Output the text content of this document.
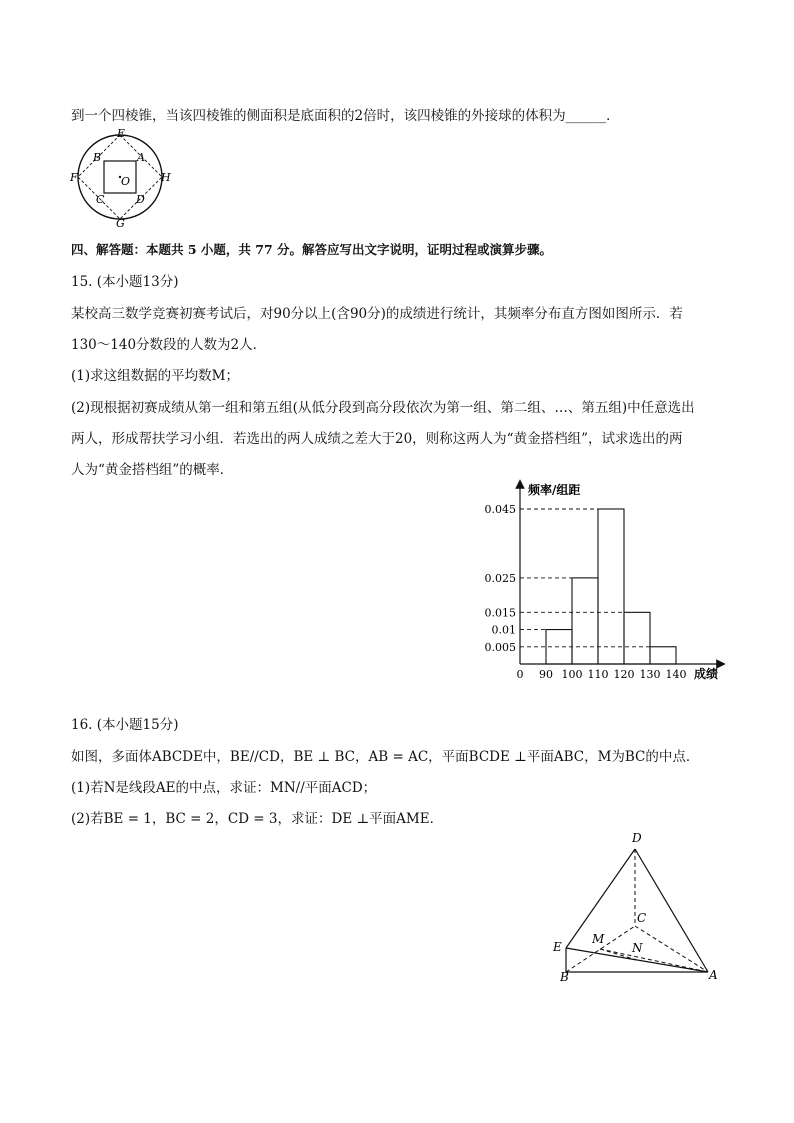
到一个四棱锥，当该四棱锥的侧面积是底面积的2倍时，该四棱锥的外接球的体积为______．
E
B	A
F	O	H
C	D
G
四、解答题：本题共 5 小题，共 77 分。解答应写出文字说明，证明过程或演算步骤。
15. (本小题13分)
某校高三数学竞赛初赛考试后，对90分以上(含90分)的成绩进行统计，其频率分布直方图如图所示．若
130～140分数段的人数为2人．
(1)求这组数据的平均数M；
(2)现根据初赛成绩从第一组和第五组(从低分段到高分段依次为第一组、第二组、…、第五组)中任意选出
两人，形成帮扶学习小组．若选出的两人成绩之差大于20，则称这两人为“黄金搭档组”，试求选出的两
人为“黄金搭档组”的概率．
频率/组距
成绩
0.045
0.025
0.015
0.01
0.005
0 90 100 110 120 130 140
16. (本小题15分)
如图，多面体ABCDE中，BE//CD，BE ⊥ BC，AB = AC，平面BCDE ⊥平面ABC，M为BC的中点．
(1)若N是线段AE的中点，求证：MN//平面ACD；
(2)若BE = 1，BC = 2，CD = 3，求证：DE ⊥平面AME．
D
C
E
M
N
B	A
